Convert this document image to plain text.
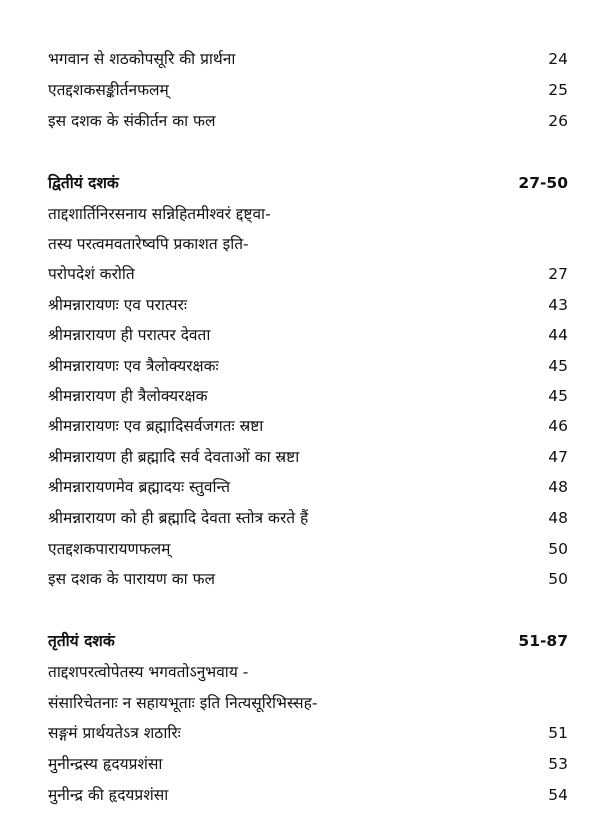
भगवान से शठकोपसूरि की प्रार्थना	24
एतद्दशकसङ्कीर्तनफलम्	25
इस दशक के संकीर्तन का फल	26
द्वितीयं दशकं	27-50
ताद्दशार्तिनिरसनाय सन्निहितमीश्वरं द्दष्ट्वा-
तस्य परत्वमवतारेष्वपि प्रकाशत इति-
परोपदेशं करोति	27
श्रीमन्नारायणः एव परात्परः	43
श्रीमन्नारायण ही परात्पर देवता	44
श्रीमन्नारायणः एव त्रैलोक्यरक्षकः	45
श्रीमन्नारायण ही त्रैलोक्यरक्षक	45
श्रीमन्नारायणः एव ब्रह्मादिसर्वजगतः स्रष्टा	46
श्रीमन्नारायण ही ब्रह्मादि सर्व देवताओं का स्रष्टा	47
श्रीमन्नारायणमेव ब्रह्मादयः स्तुवन्ति	48
श्रीमन्नारायण को ही ब्रह्मादि देवता स्तोत्र करते हैं	48
एतद्दशकपारायणफलम्	50
इस दशक के पारायण का फल	50
तृतीयं दशकं	51-87
ताद्दशपरत्वोपेतस्य भगवतोऽनुभवाय -
संसारिचेतनाः न सहायभूताः इति नित्यसूरिभिस्सह-
सङ्गमं प्रार्थयतेऽत्र शठारिः	51
मुनीन्द्रस्य हृदयप्रशंसा	53
मुनीन्द्र की हृदयप्रशंसा	54
